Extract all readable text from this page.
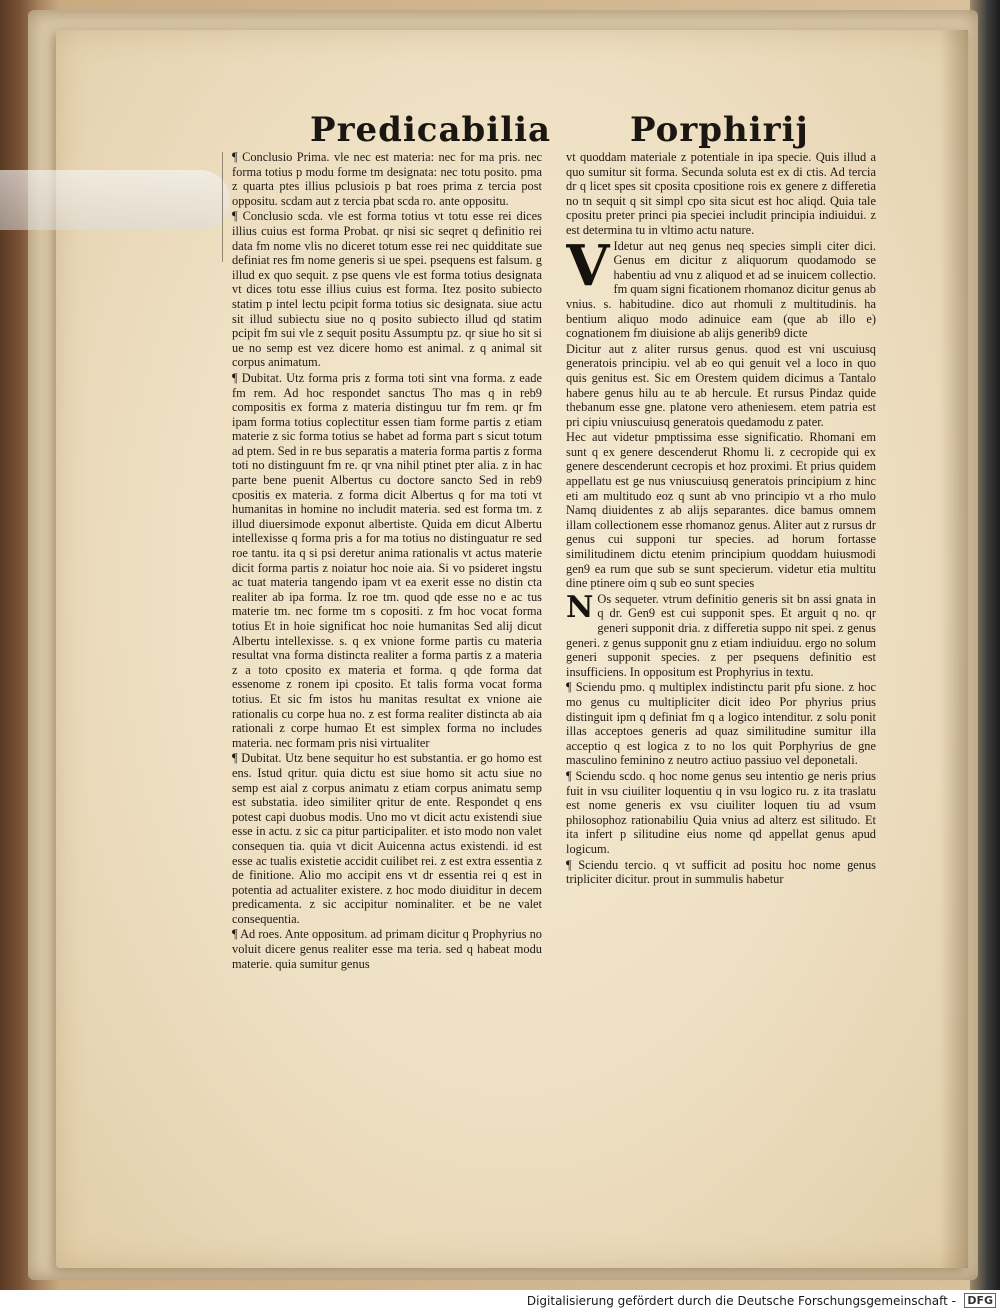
Predicabilia Porphirij

¶ Conclusio Prima. vle nec est materia: nec for ma pris. nec forma totius p modu forme tm designata: nec totu posito. pma z quarta ptes illius pclusiois p bat roes prima z tercia post oppositu. scdam aut z tercia pbat scda ro. ante oppositu.

¶ Conclusio scda. vle est forma totius vt totu esse rei dices illius cuius est forma Probat. qr nisi sic seqret q definitio rei data fm nome vlis no diceret totum esse rei nec quidditate sue definiat res fm nome generis si ue spei. psequens est falsum. g illud ex quo sequit. z pse quens vle est forma totius designata vt dices totu esse illius cuius est forma. Itez posito subiecto statim p intel lectu pcipit forma totius sic designata. siue actu sit illud subiectu siue no q posito subiecto illud qd statim pcipit fm sui vle z sequit positu Assumptu pz. qr siue ho sit si ue no semp est vez dicere homo est animal. z q animal sit corpus animatum.

¶ Dubitat. Utz forma pris z forma toti sint vna forma. z eade fm rem. Ad hoc respondet sanctus Tho mas q in reb9 compositis ex forma z materia distinguu tur fm rem. qr fm ipam forma totius coplectitur essen tiam forme partis z etiam materie z sic forma totius se habet ad forma part s sicut totum ad ptem. Sed in re bus separatis a materia forma partis z forma toti no distinguunt fm re. qr vna nihil ptinet pter alia. z in hac parte bene puenit Albertus cu doctore sancto Sed in reb9 cpositis ex materia. z forma dicit Albertus q for ma toti vt humanitas in homine no includit materia. sed est forma tm. z illud diuersimode exponut albertiste. Quida em dicut Albertu intellexisse q forma pris a for ma totius no distinguatur re sed roe tantu. ita q si psi deretur anima rationalis vt actus materie dicit forma partis z noiatur hoc noie aia. Si vo psideret ingstu ac tuat materia tangendo ipam vt ea exerit esse no distin cta realiter ab ipa forma. Iz roe tm. quod qde esse no e ac tus materie tm. nec forme tm s copositi. z fm hoc vocat forma totius Et in hoie significat hoc noie humanitas Sed alij dicut Albertu intellexisse. s. q ex vnione forme partis cu materia resultat vna forma distincta realiter a forma partis z a materia z a toto cposito ex materia et forma. q qde forma dat essenome z ronem ipi cposito. Et talis forma vocat forma totius. Et sic fm istos hu manitas resultat ex vnione aie rationalis cu corpe hua no. z est forma realiter distincta ab aia rationali z corpe humao Et est simplex forma no includes materia. nec formam pris nisi virtualiter

¶ Dubitat. Utz bene sequitur ho est substantia. er go homo est ens. Istud qritur. quia dictu est siue homo sit actu siue no semp est aial z corpus animatu z etiam corpus animatu semp est substatia. ideo similiter qritur de ente. Respondet q ens potest capi duobus modis. Uno mo vt dicit actu existendi siue esse in actu. z sic ca pitur participaliter. et isto modo non valet consequen tia. quia vt dicit Auicenna actus existendi. id est esse ac tualis existetie accidit cuilibet rei. z est extra essentia z de finitione. Alio mo accipit ens vt dr essentia rei q est in potentia ad actualiter existere. z hoc modo diuiditur in decem predicamenta. z sic accipitur nominaliter. et be ne valet consequentia.

¶ Ad roes. Ante oppositum. ad primam dicitur q Prophyrius no voluit dicere genus realiter esse ma teria. sed q habeat modu materie. quia sumitur genus

vt quoddam materiale z potentiale in ipa specie. Quis illud a quo sumitur sit forma. Secunda soluta est ex di ctis. Ad tercia dr q licet spes sit cposita cpositione rois ex genere z differetia no tn sequit q sit simpl cpo sita sicut est hoc aliqd. Quia tale cpositu preter princi pia speciei includit principia indiuidui. z est determina tu in vltimo actu nature.

V Idetur aut neq genus neq species simpli citer dici. Genus em dicitur z aliquorum quodamodo se habentiu ad vnu z aliquod et ad se inuicem collectio. fm quam signi ficationem rhomanoz dicitur genus ab vnius. s. habitudine. dico aut rhomuli z multitudinis. ha bentium aliquo modo adinuice eam (que ab illo e) cognationem fm diuisione ab alijs generib9 dicte

Dicitur aut z aliter rursus genus. quod est vni uscuiusq generatois principiu. vel ab eo qui genuit vel a loco in quo quis genitus est. Sic em Orestem quidem dicimus a Tantalo habere genus hilu au te ab hercule. Et rursus Pindaz quide thebanum esse gne. platone vero atheniesem. etem patria est pri cipiu vniuscuiusq generatois quedamodu z pater.

Hec aut videtur pmptissima esse significatio. Rhomani em sunt q ex genere descenderut Rhomu li. z cecropide qui ex genere descenderunt cecropis et hoz proximi. Et prius quidem appellatu est ge nus vniuscuiusq generatois principium z hinc eti am multitudo eoz q sunt ab vno principio vt a rho mulo Namq diuidentes z ab alijs separantes. dice bamus omnem illam collectionem esse rhomanoz genus. Aliter aut z rursus dr genus cui supponi tur species. ad horum fortasse similitudinem dictu etenim principium quoddam huiusmodi gen9 ea rum que sub se sunt specierum. videtur etia multitu dine ptinere oim q sub eo sunt species

N Os sequeter. vtrum definitio generis sit bn assi gnata in q dr. Gen9 est cui supponit spes. Et arguit q no. qr generi supponit dria. z differetia suppo nit spei. z genus generi. z genus supponit gnu z etiam indiuiduu. ergo no solum generi supponit species. z per psequens definitio est insufficiens. In oppositum est Prophyrius in textu.

¶ Sciendu pmo. q multiplex indistinctu parit pfu sione. z hoc mo genus cu multipliciter dicit ideo Por phyrius prius distinguit ipm q definiat fm q a logico intenditur. z solu ponit illas acceptoes generis ad quaz similitudine sumitur illa acceptio q est logica z to no los quit Porphyrius de gne masculino feminino z neutro actiuo passiuo vel deponetali.

¶ Sciendu scdo. q hoc nome genus seu intentio ge neris prius fuit in vsu ciuiliter loquentiu q in vsu logico ru. z ita traslatu est nome generis ex vsu ciuiliter loquen tiu ad vsum philosophoz rationabiliu Quia vnius ad alterz est silitudo. Et ita infert p silitudine eius nome qd appellat genus apud logicum.

¶ Sciendu tercio. q vt sufficit ad positu hoc nome genus tripliciter dicitur. prout in summulis habetur

Digitalisierung gefördert durch die Deutsche Forschungsgemeinschaft - DFG
